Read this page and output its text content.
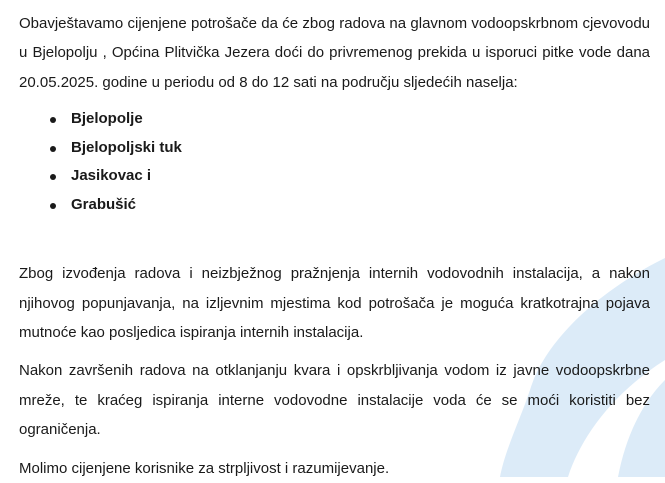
Obavještavamo cijenjene potrošače da će zbog radova na glavnom vodoopskrbnom cjevovodu u Bjelopolju , Općina Plitvička Jezera doći do privremenog prekida u isporuci pitke vode dana 20.05.2025. godine u periodu od 8 do 12 sati na području sljedećih naselja:

Bjelopolje
Bjelopoljski tuk
Jasikovac i
Grabušić

Zbog izvođenja radova i neizbježnog pražnjenja internih vodovodnih instalacija, a nakon njihovog popunjavanja, na izljevnim mjestima kod potrošača je moguća kratkotrajna pojava mutnoće kao posljedica ispiranja internih instalacija.

Nakon završenih radova na otklanjanju kvara i opskrbljivanja vodom iz javne vodoopskrbne mreže, te kraćeg ispiranja interne vodovodne instalacije voda će se moći koristiti bez ograničenja.

Molimo cijenjene korisnike za strpljivost i razumijevanje.
